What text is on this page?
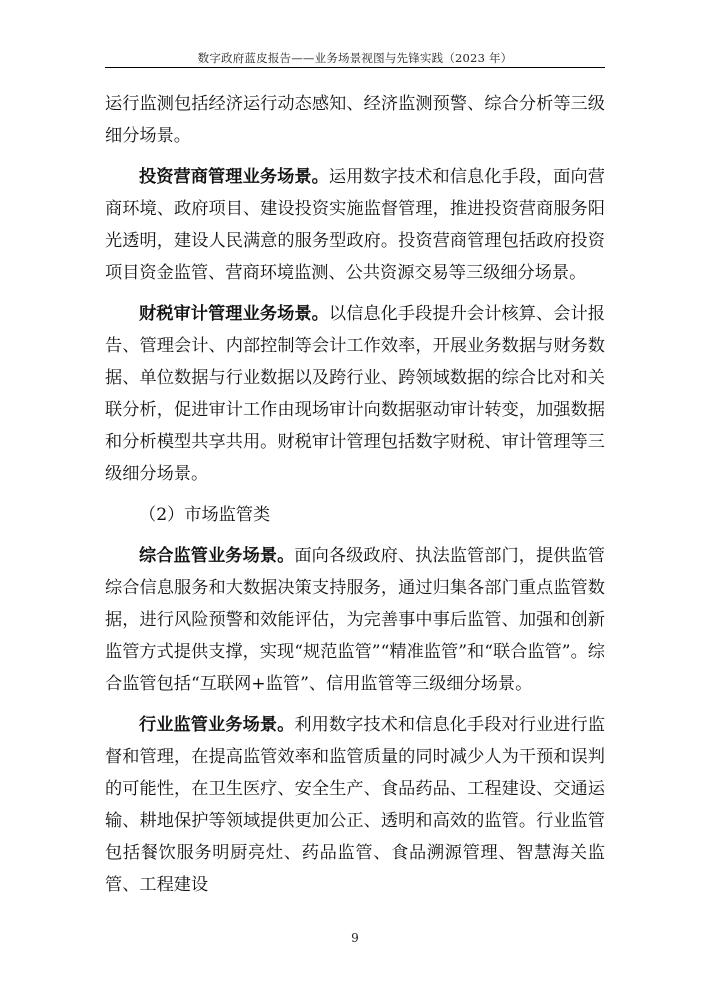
数字政府蓝皮报告——业务场景视图与先锋实践（2023 年）

运行监测包括经济运行动态感知、经济监测预警、综合分析等三级细分场景。

投资营商管理业务场景。运用数字技术和信息化手段，面向营商环境、政府项目、建设投资实施监督管理，推进投资营商服务阳光透明，建设人民满意的服务型政府。投资营商管理包括政府投资项目资金监管、营商环境监测、公共资源交易等三级细分场景。

财税审计管理业务场景。以信息化手段提升会计核算、会计报告、管理会计、内部控制等会计工作效率，开展业务数据与财务数据、单位数据与行业数据以及跨行业、跨领域数据的综合比对和关联分析，促进审计工作由现场审计向数据驱动审计转变，加强数据和分析模型共享共用。财税审计管理包括数字财税、审计管理等三级细分场景。

（2）市场监管类

综合监管业务场景。面向各级政府、执法监管部门，提供监管综合信息服务和大数据决策支持服务，通过归集各部门重点监管数据，进行风险预警和效能评估，为完善事中事后监管、加强和创新监管方式提供支撑，实现“规范监管”“精准监管”和“联合监管”。综合监管包括“互联网+监管”、信用监管等三级细分场景。

行业监管业务场景。利用数字技术和信息化手段对行业进行监督和管理，在提高监管效率和监管质量的同时减少人为干预和误判的可能性，在卫生医疗、安全生产、食品药品、工程建设、交通运输、耕地保护等领域提供更加公正、透明和高效的监管。行业监管包括餐饮服务明厨亮灶、药品监管、食品溯源管理、智慧海关监管、工程建设

9
